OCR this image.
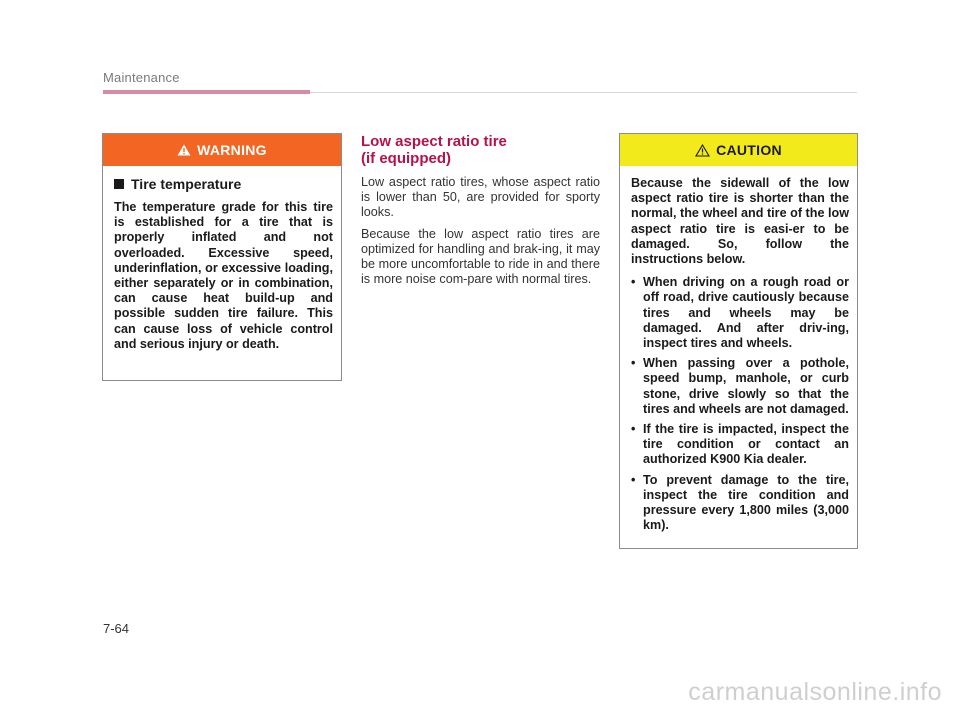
Maintenance
WARNING
Tire temperature

The temperature grade for this tire is established for a tire that is properly inflated and not overloaded. Excessive speed, underinflation, or excessive loading, either separately or in combination, can cause heat build-up and possible sudden tire failure. This can cause loss of vehicle control and serious injury or death.

Low aspect ratio tire
(if equipped)

Low aspect ratio tires, whose aspect ratio is lower than 50, are provided for sporty looks.

Because the low aspect ratio tires are optimized for handling and brak-ing, it may be more uncomfortable to ride in and there is more noise com-pare with normal tires.

CAUTION

Because the sidewall of the low aspect ratio tire is shorter than the normal, the wheel and tire of the low aspect ratio tire is easi-er to be damaged. So, follow the instructions below.

• When driving on a rough road or off road, drive cautiously because tires and wheels may be damaged. And after driv-ing, inspect tires and wheels.
• When passing over a pothole, speed bump, manhole, or curb stone, drive slowly so that the tires and wheels are not damaged.
• If the tire is impacted, inspect the tire condition or contact an authorized K900 Kia dealer.
• To prevent damage to the tire, inspect the tire condition and pressure every 1,800 miles (3,000 km).
7-64
carmanualsonline.info
